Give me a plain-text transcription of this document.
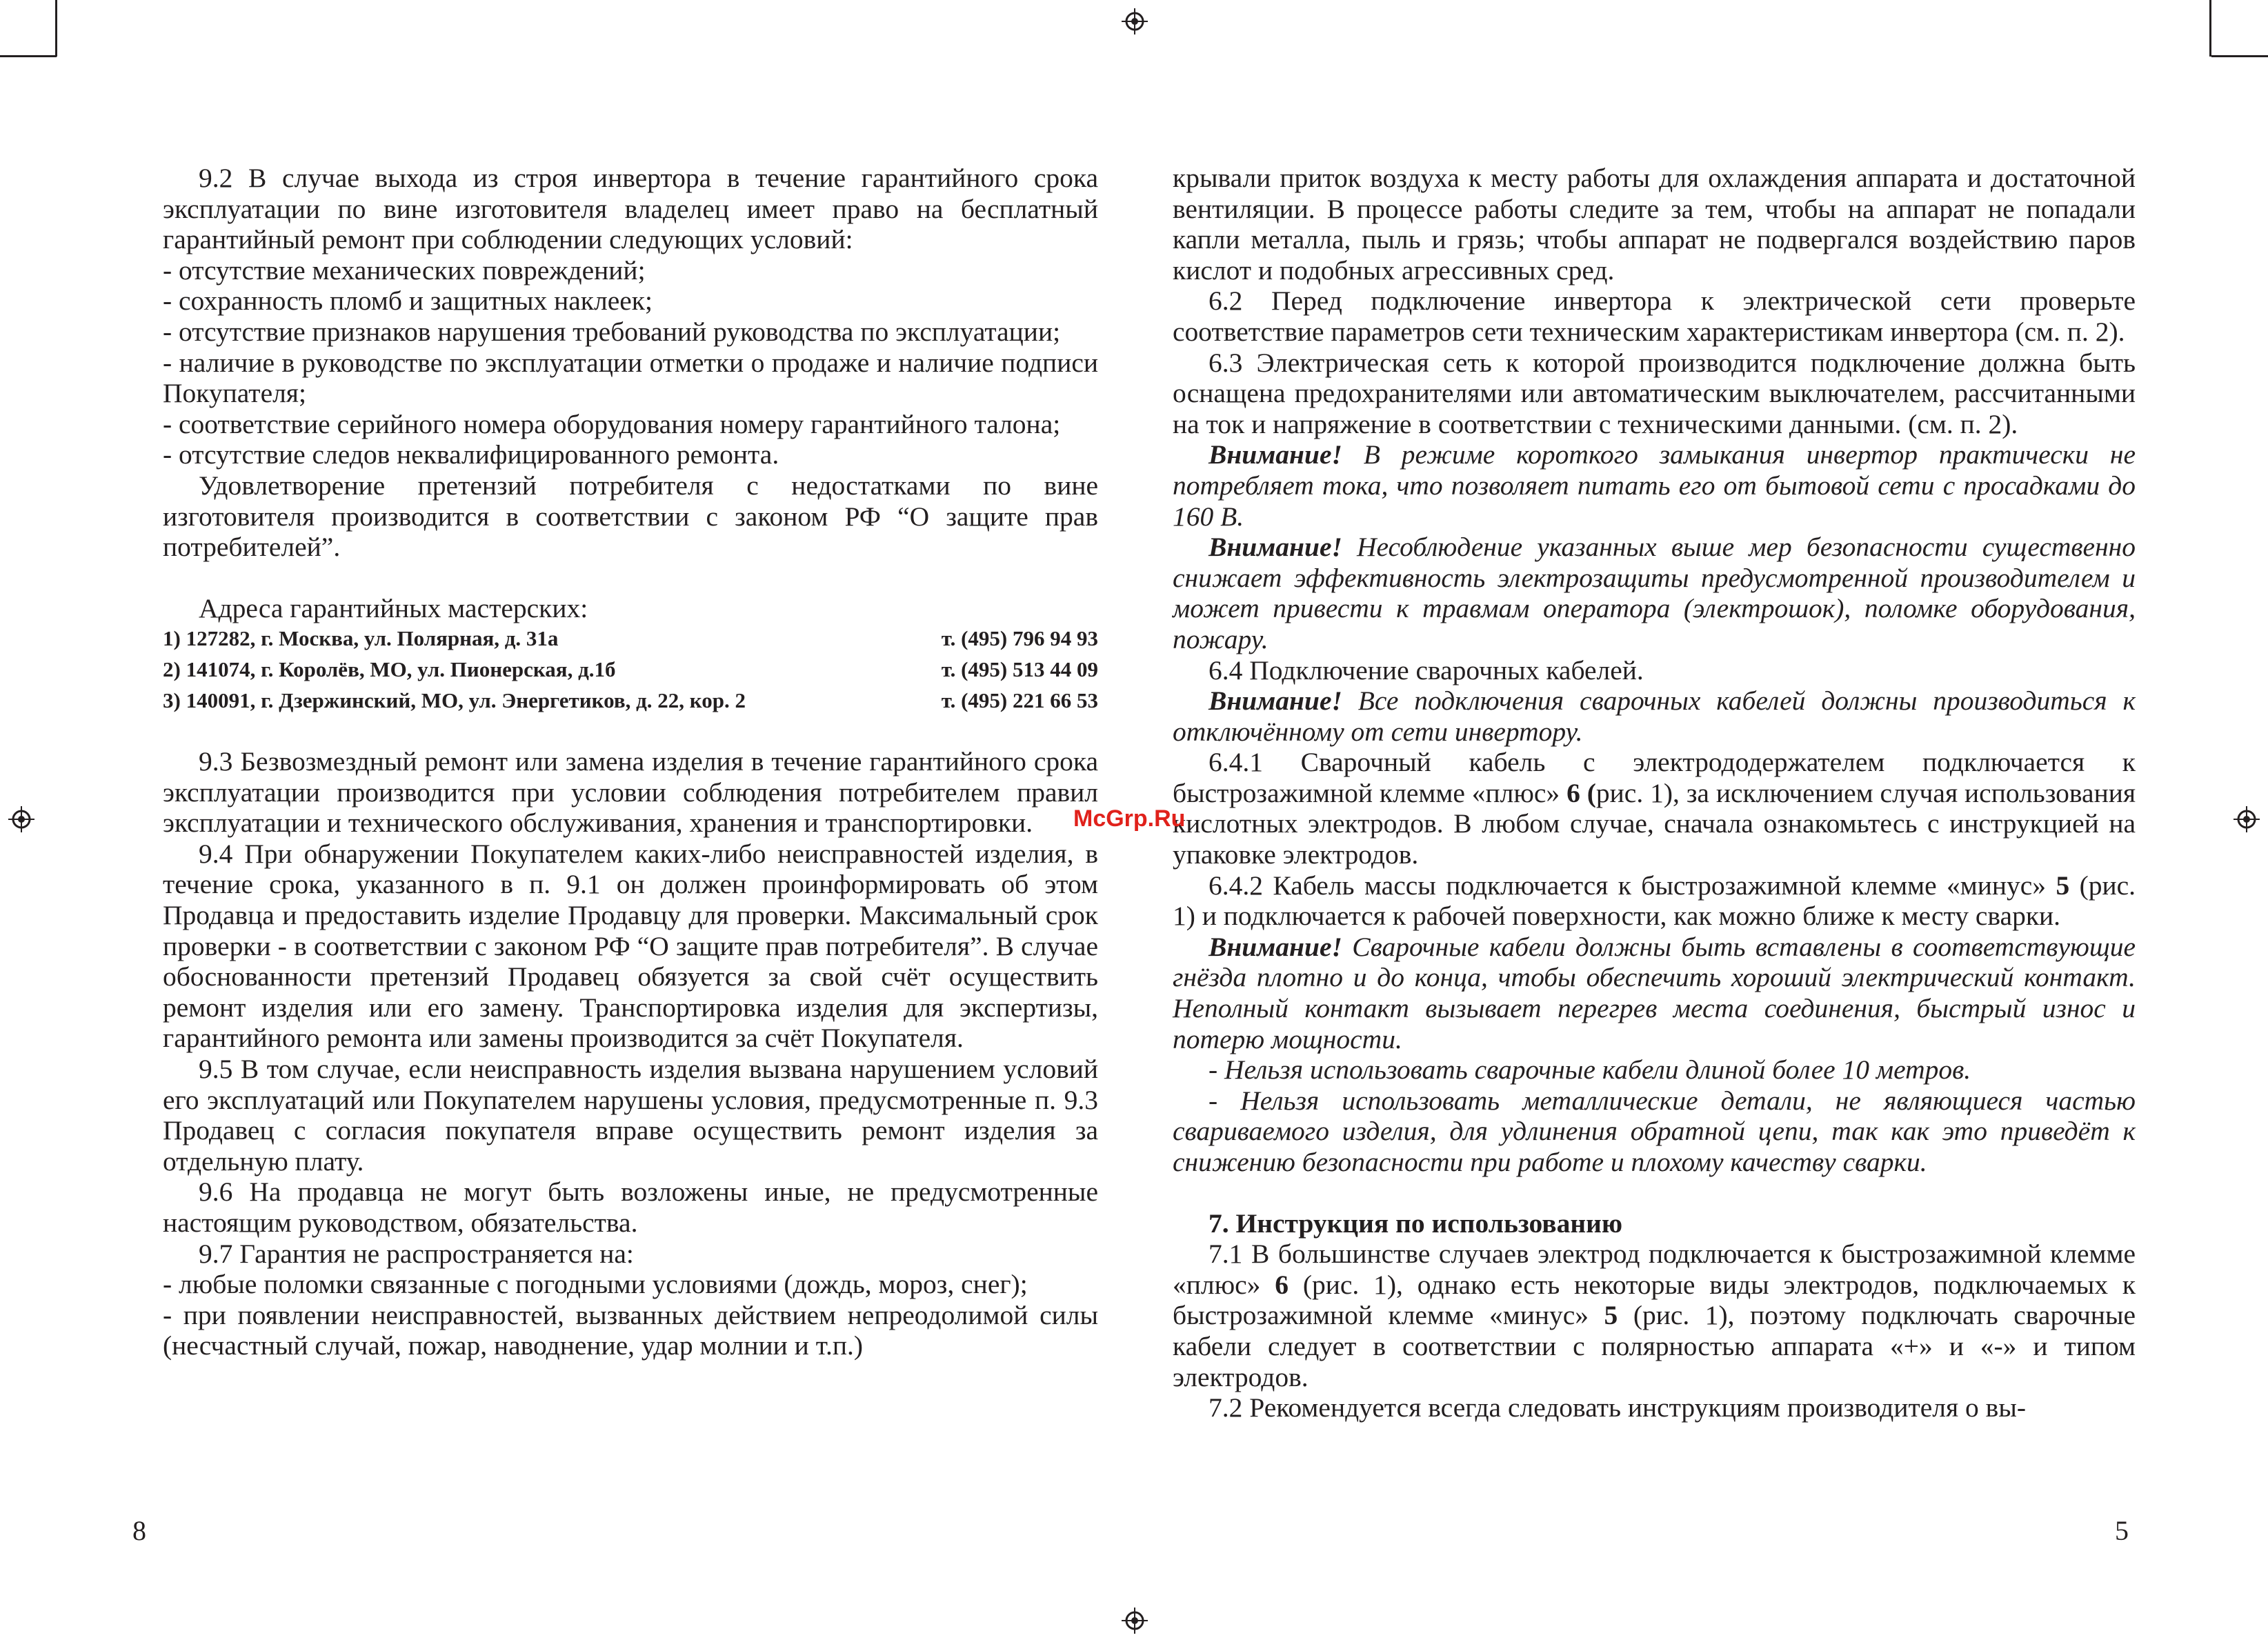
9.2 В случае выхода из строя инвертора в течение гарантийного срока эксплуатации по вине изготовителя владелец имеет право на бесплатный гарантийный ремонт при соблюдении следующих условий:

- отсутствие механических повреждений;

- сохранность пломб и защитных наклеек;

- отсутствие признаков нарушения требований руководства по эксплуатации;

- наличие в руководстве по эксплуатации отметки о продаже и наличие подписи Покупателя;

- соответствие серийного номера оборудования номеру гарантийного талона;

- отсутствие следов неквалифицированного ремонта.

Удовлетворение претензий потребителя с недостатками по вине изготовителя производится в соответствии с законом РФ “О защите прав потребителей”.

Адреса гарантийных мастерских:

1) 127282, г. Москва, ул. Полярная, д. 31а	т. (495) 796 94 93
2) 141074, г. Королёв, МО, ул. Пионерская, д.1б	т. (495) 513 44 09
3) 140091, г. Дзержинский, МО, ул. Энергетиков, д. 22, кор. 2	т. (495) 221 66 53

9.3 Безвозмездный ремонт или замена изделия в течение гарантийного срока эксплуатации производится при условии соблюдения потребителем правил эксплуатации и технического обслуживания, хранения и транспортировки.

9.4 При обнаружении Покупателем каких-либо неисправностей изделия, в течение срока, указанного в п. 9.1 он должен проинформировать об этом Продавца и предоставить изделие Продавцу для проверки. Максимальный срок проверки - в соответствии с законом РФ “О защите прав потребителя”. В случае обоснованности претензий Продавец обязуется за свой счёт осуществить ремонт изделия или его замену. Транспортировка изделия для экспертизы, гарантийного ремонта или замены производится за счёт Покупателя.

9.5 В том случае, если неисправность изделия вызвана нарушением условий его эксплуатаций или Покупателем нарушены условия, предусмотренные п. 9.3 Продавец с согласия покупателя вправе осуществить ремонт изделия за отдельную плату.

9.6 На продавца не могут быть возложены иные, не предусмотренные настоящим руководством, обязательства.

9.7 Гарантия не распространяется на:

- любые поломки связанные с погодными условиями (дождь, мороз, снег);

- при появлении неисправностей, вызванных действием непреодолимой силы (несчастный случай, пожар, наводнение, удар молнии и т.п.)

8

крывали приток воздуха к месту работы для охлаждения аппарата и достаточной вентиляции. В процессе работы следите за тем, чтобы на аппарат не попадали капли металла, пыль и грязь; чтобы аппарат не подвергался воздействию паров кислот и подобных агрессивных сред.

6.2 Перед подключение инвертора к электрической сети проверьте соответствие параметров сети техническим характеристикам инвертора (см. п. 2).

6.3 Электрическая сеть к которой производится подключение должна быть оснащена предохранителями или автоматическим выключателем, рассчитанными на ток и напряжение в соответствии с техническими данными. (см. п. 2).

Внимание! В режиме короткого замыкания инвертор практически не потребляет тока, что позволяет питать его от бытовой сети с просадками до 160 В.

Внимание! Несоблюдение указанных выше мер безопасности существенно снижает эффективность электрозащиты предусмотренной производителем и может привести к травмам оператора (электрошок), поломке оборудования, пожару.

6.4 Подключение сварочных кабелей.

Внимание! Все подключения сварочных кабелей должны производиться к отключённому от сети инвертору.

6.4.1 Сварочный кабель с электрододержателем подключается к быстрозажимной клемме «плюс» 6 (рис. 1), за исключением случая использования кислотных электродов. В любом случае, сначала ознакомьтесь с инструкцией на упаковке электродов.

6.4.2 Кабель массы подключается к быстрозажимной клемме «минус» 5 (рис. 1) и подключается к рабочей поверхности, как можно ближе к месту сварки.

Внимание! Сварочные кабели должны быть вставлены в соответствующие гнёзда плотно и до конца, чтобы обеспечить хороший электрический контакт. Неполный контакт вызывает перегрев места соединения, быстрый износ и потерю мощности.

- Нельзя использовать сварочные кабели длиной более 10 метров.

- Нельзя использовать металлические детали, не являющиеся частью свариваемого изделия, для удлинения обратной цепи, так как это приведёт к снижению безопасности при работе и плохому качеству сварки.

7. Инструкция по использованию

7.1 В большинстве случаев электрод подключается к быстрозажимной клемме «плюс» 6 (рис. 1), однако есть некоторые виды электродов, подключаемых к быстрозажимной клемме «минус» 5 (рис. 1), поэтому подключать сварочные кабели следует в соответствии с полярностью аппарата «+» и «-» и типом электродов.

7.2 Рекомендуется всегда следовать инструкциям производителя о вы-

5
McGrp.Ru
